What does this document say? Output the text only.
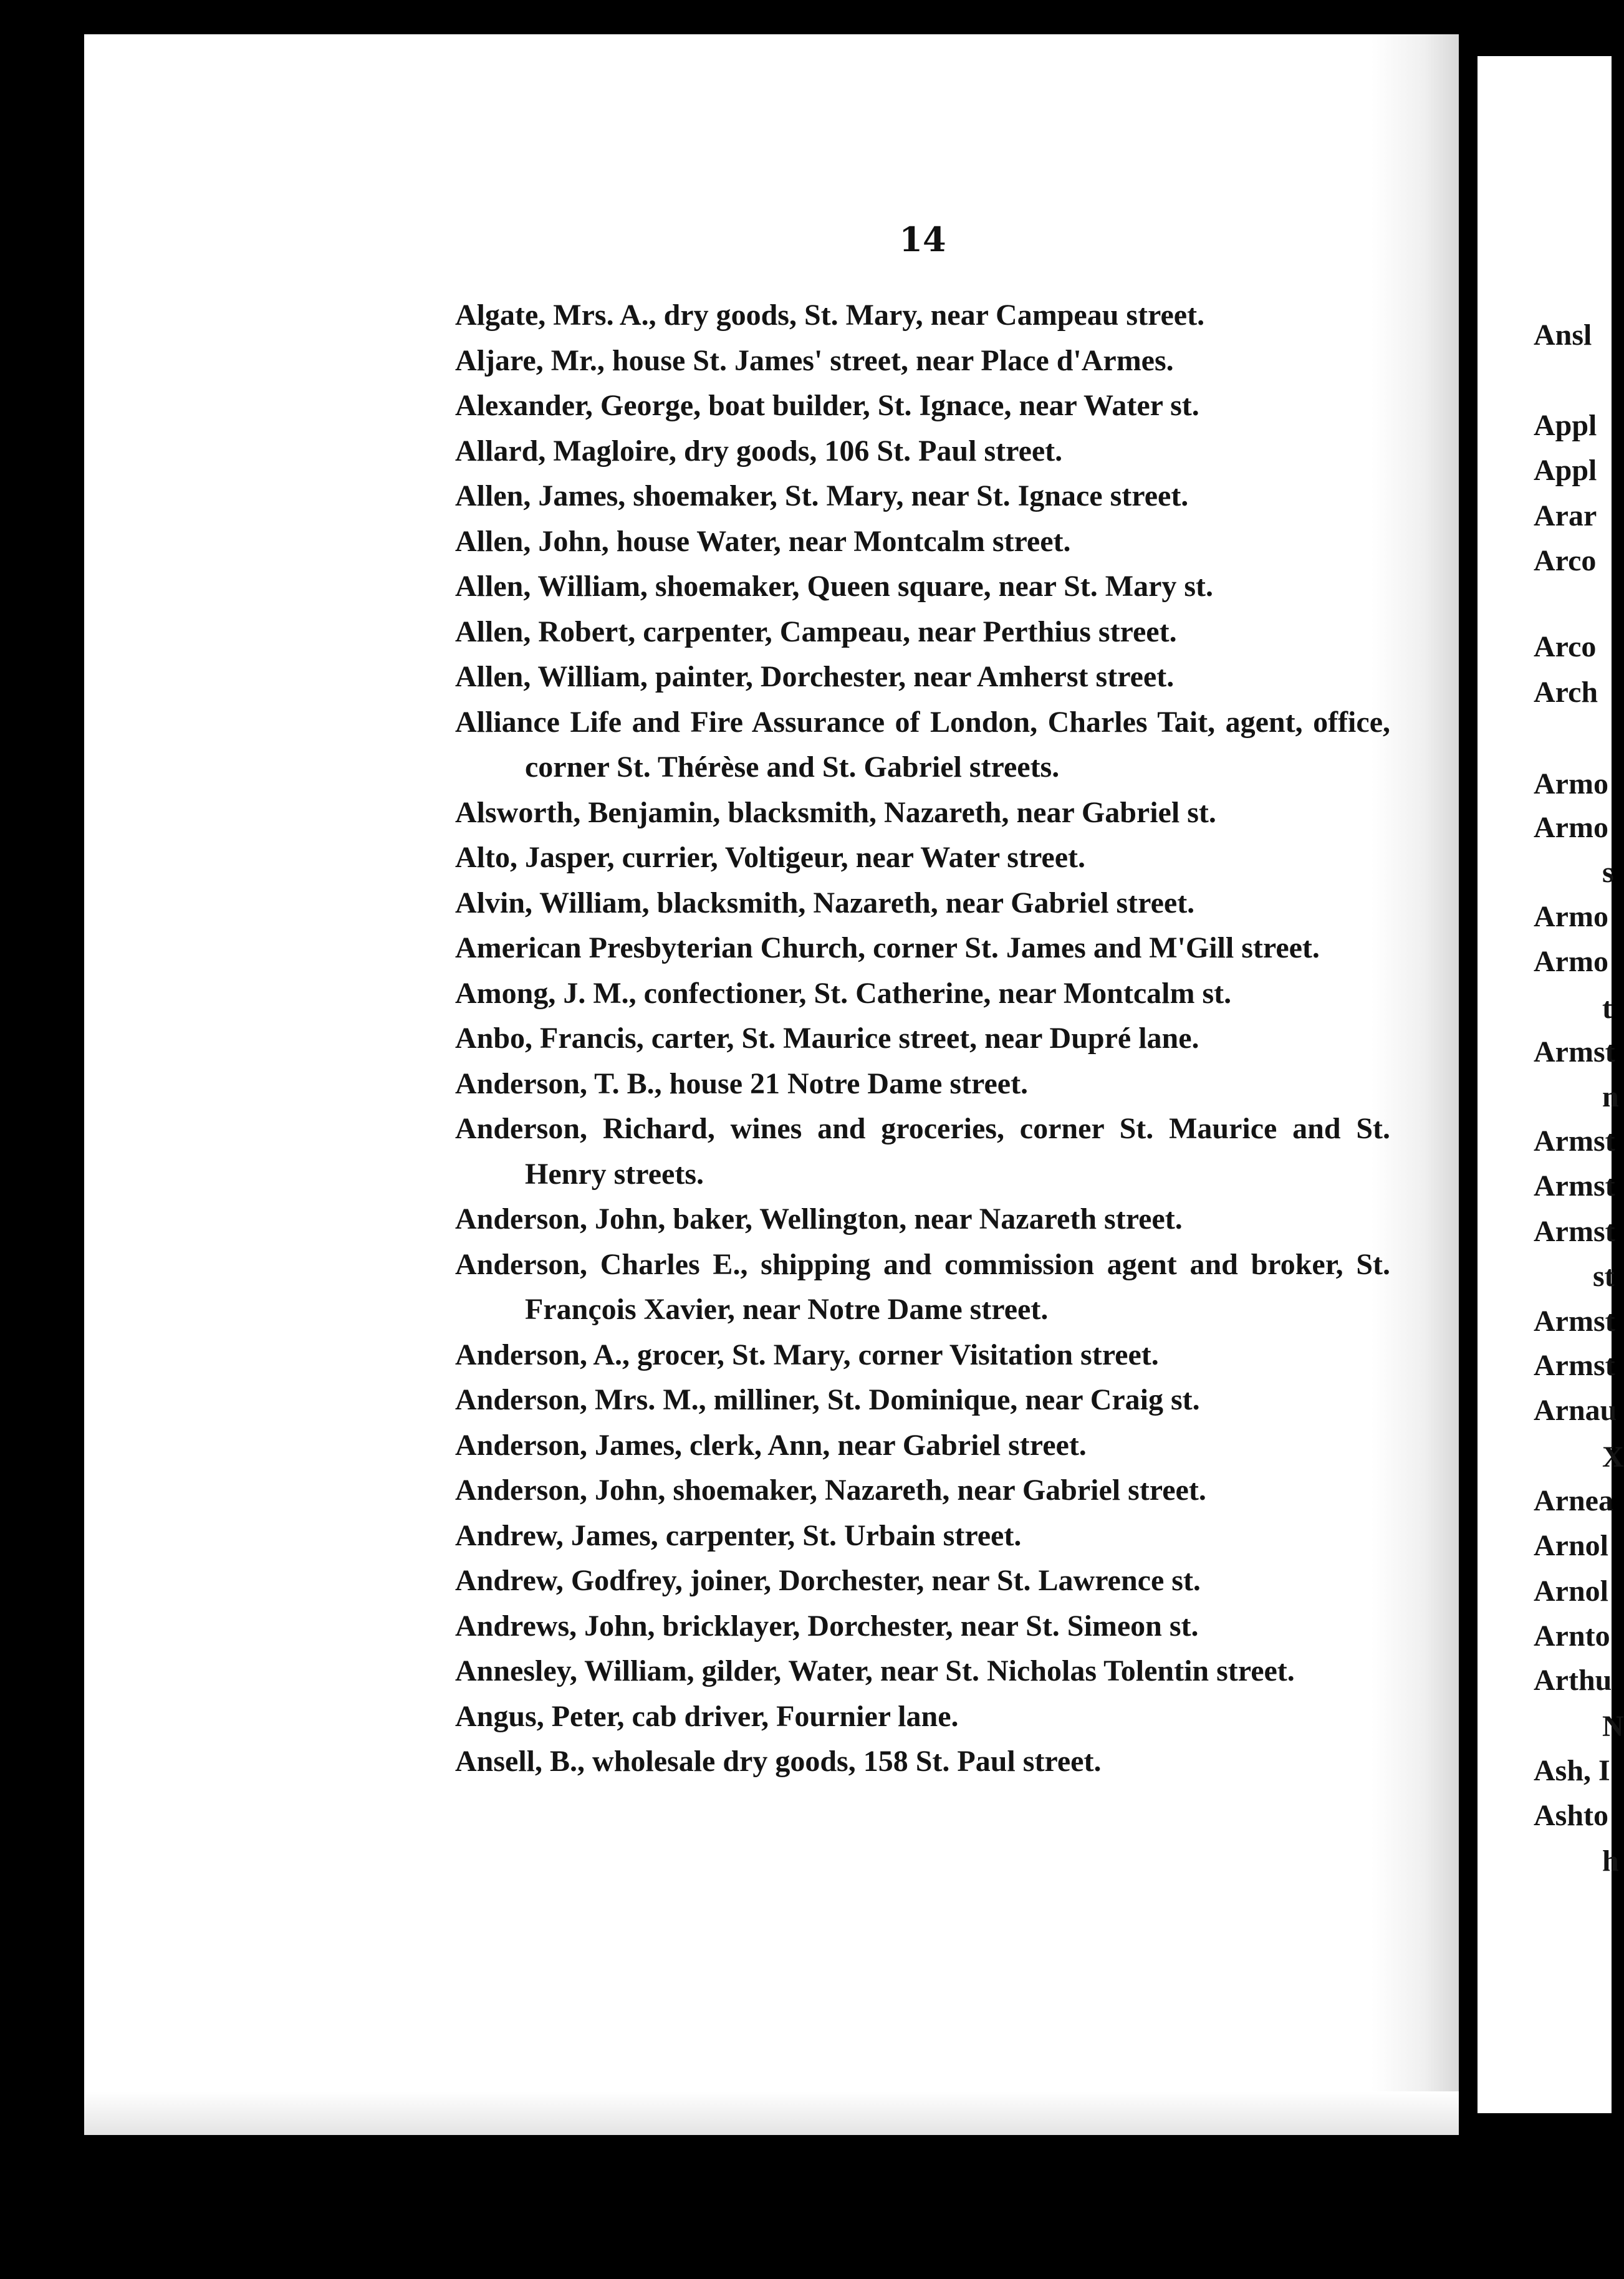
14
Algate, Mrs. A., dry goods, St. Mary, near Campeau street.
Aljare, Mr., house St. James' street, near Place d'Armes.
Alexander, George, boat builder, St. Ignace, near Water st.
Allard, Magloire, dry goods, 106 St. Paul street.
Allen, James, shoemaker, St. Mary, near St. Ignace street.
Allen, John, house Water, near Montcalm street.
Allen, William, shoemaker, Queen square, near St. Mary st.
Allen, Robert, carpenter, Campeau, near Perthius street.
Allen, William, painter, Dorchester, near Amherst street.
Alliance Life and Fire Assurance of London, Charles Tait, agent, office, corner St. Thérèse and St. Gabriel streets.
Alsworth, Benjamin, blacksmith, Nazareth, near Gabriel st.
Alto, Jasper, currier, Voltigeur, near Water street.
Alvin, William, blacksmith, Nazareth, near Gabriel street.
American Presbyterian Church, corner St. James and M'Gill street.
Among, J. M., confectioner, St. Catherine, near Montcalm st.
Anbo, Francis, carter, St. Maurice street, near Dupré lane.
Anderson, T. B., house 21 Notre Dame street.
Anderson, Richard, wines and groceries, corner St. Maurice and St. Henry streets.
Anderson, John, baker, Wellington, near Nazareth street.
Anderson, Charles E., shipping and commission agent and broker, St. François Xavier, near Notre Dame street.
Anderson, A., grocer, St. Mary, corner Visitation street.
Anderson, Mrs. M., milliner, St. Dominique, near Craig st.
Anderson, James, clerk, Ann, near Gabriel street.
Anderson, John, shoemaker, Nazareth, near Gabriel street.
Andrew, James, carpenter, St. Urbain street.
Andrew, Godfrey, joiner, Dorchester, near St. Lawrence st.
Andrews, John, bricklayer, Dorchester, near St. Simeon st.
Annesley, William, gilder, Water, near St. Nicholas Tolentin street.
Angus, Peter, cab driver, Fournier lane.
Ansell, B., wholesale dry goods, 158 St. Paul street.
Ansl
Appl
Appl
Arar
Arco
Arco
Arch
Armo
Armo
s
Armo
Armo
t
Armst
n
Armst
Armst
Armst
st
Armst
Armst
Arnau
X
Arnea
Arnol
Arnol
Arnto
Arthu
N
Ash, I
Ashto
h
